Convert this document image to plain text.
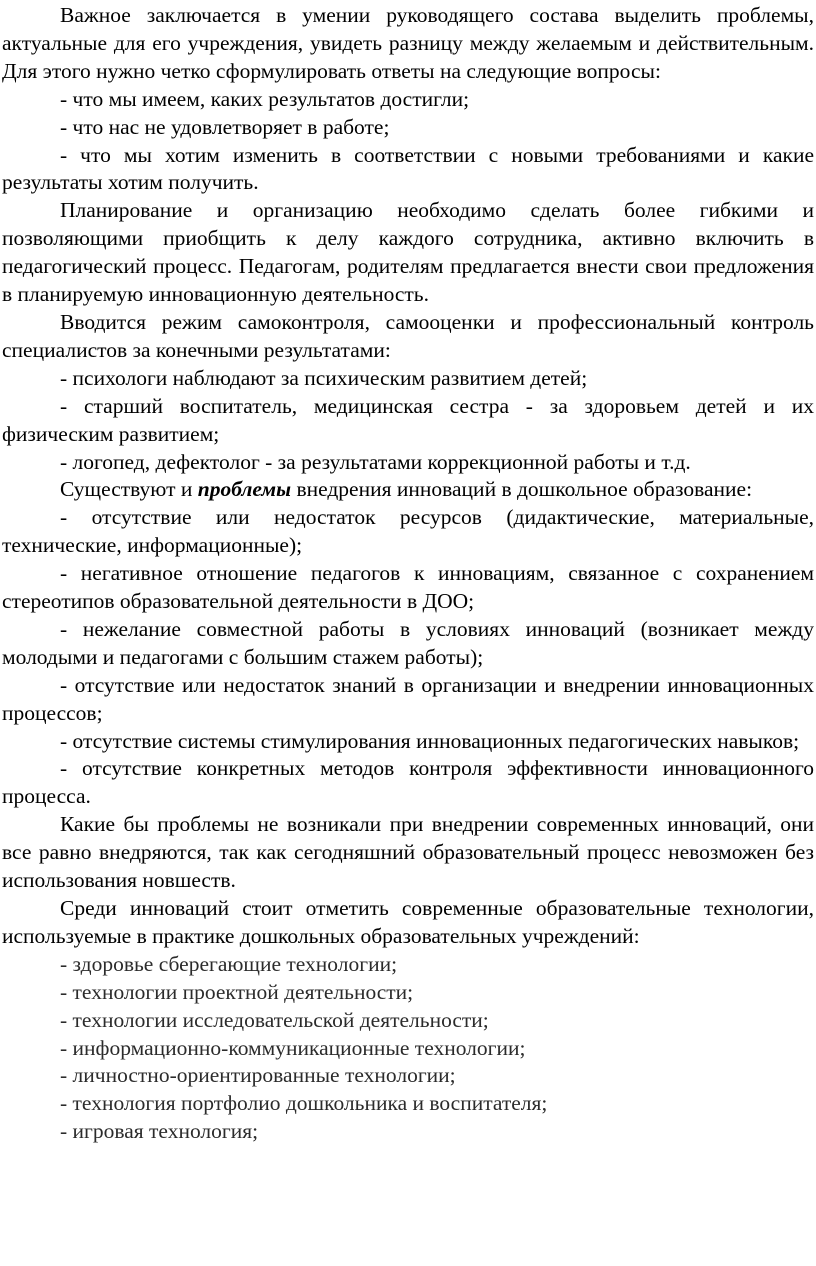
Важное заключается в умении руководящего состава выделить проблемы, актуальные для его учреждения, увидеть разницу между желаемым и действительным. Для этого нужно четко сформулировать ответы на следующие вопросы:

- что мы имеем, каких результатов достигли;

- что нас не удовлетворяет в работе;

- что мы хотим изменить в соответствии с новыми требованиями и какие результаты хотим получить.

Планирование и организацию необходимо сделать более гибкими и позволяющими приобщить к делу каждого сотрудника, активно включить в педагогический процесс. Педагогам, родителям предлагается внести свои предложения в планируемую инновационную деятельность.

Вводится режим самоконтроля, самооценки и профессиональный контроль специалистов за конечными результатами:

- психологи наблюдают за психическим развитием детей;

- старший воспитатель, медицинская сестра - за здоровьем детей и их физическим развитием;

- логопед, дефектолог - за результатами коррекционной работы и т.д.

Существуют и проблемы внедрения инноваций в дошкольное образование:

- отсутствие или недостаток ресурсов (дидактические, материальные, технические, информационные);

- негативное отношение педагогов к инновациям, связанное с сохранением стереотипов образовательной деятельности в ДОО;

- нежелание совместной работы в условиях инноваций (возникает между молодыми и педагогами с большим стажем работы);

- отсутствие или недостаток знаний в организации и внедрении инновационных процессов;

- отсутствие системы стимулирования инновационных педагогических навыков;

- отсутствие конкретных методов контроля эффективности инновационного процесса.

Какие бы проблемы не возникали при внедрении современных инноваций, они все равно внедряются, так как сегодняшний образовательный процесс невозможен без использования новшеств.

Среди инноваций стоит отметить современные образовательные технологии, используемые в практике дошкольных образовательных учреждений:

- здоровье сберегающие технологии;

- технологии проектной деятельности;

- технологии исследовательской деятельности;

- информационно-коммуникационные технологии;

- личностно-ориентированные технологии;

- технология портфолио дошкольника и воспитателя;

- игровая технология;
